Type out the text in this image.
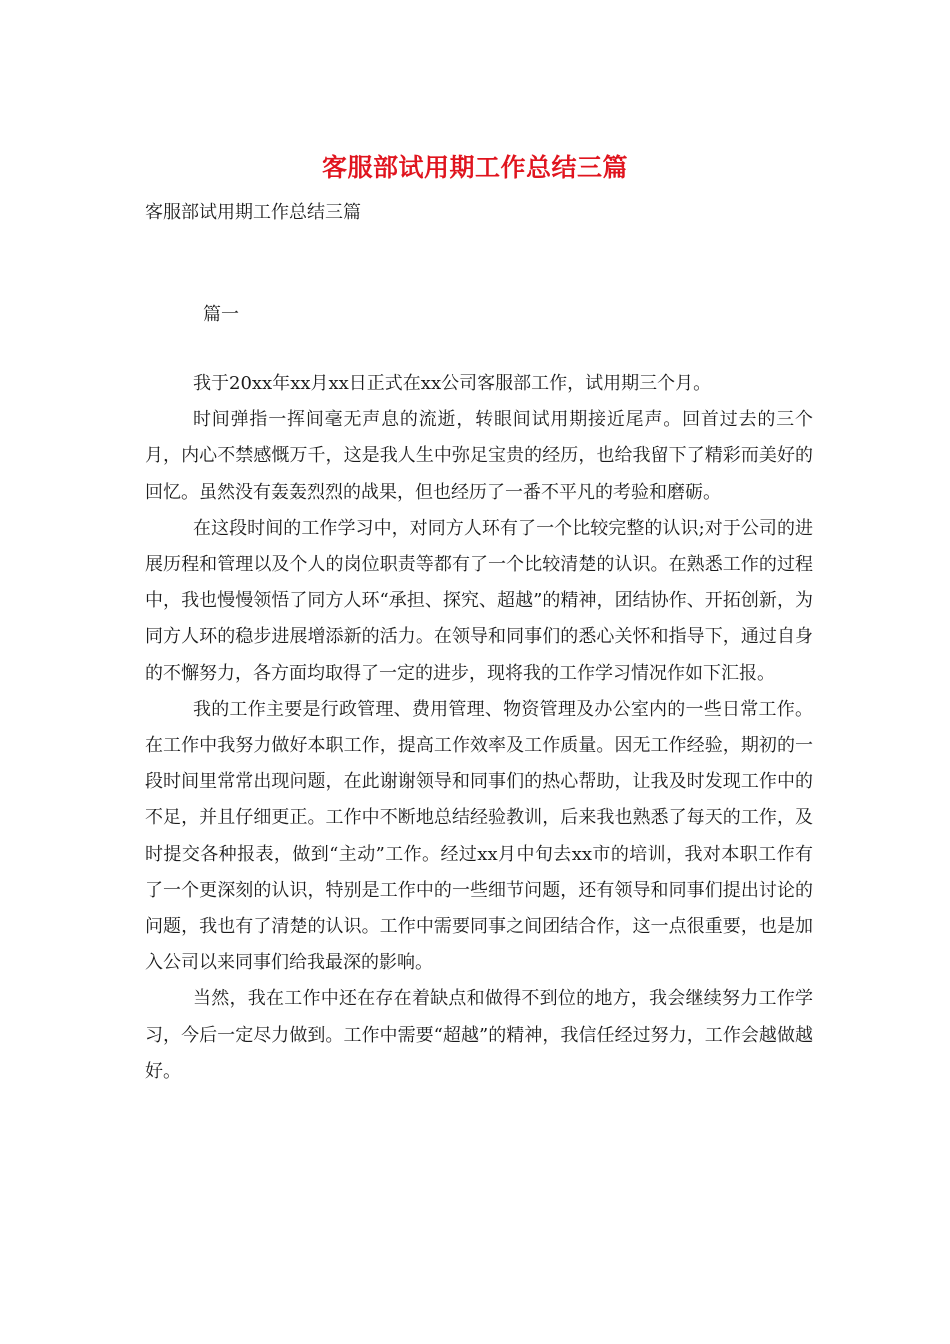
客服部试用期工作总结三篇
客服部试用期工作总结三篇
篇一

我于20xx年xx月xx日正式在xx公司客服部工作，试用期三个月。

时间弹指一挥间毫无声息的流逝，转眼间试用期接近尾声。回首过去的三个月，内心不禁感慨万千，这是我人生中弥足宝贵的经历，也给我留下了精彩而美好的回忆。虽然没有轰轰烈烈的战果，但也经历了一番不平凡的考验和磨砺。

在这段时间的工作学习中，对同方人环有了一个比较完整的认识;对于公司的进展历程和管理以及个人的岗位职责等都有了一个比较清楚的认识。在熟悉工作的过程中，我也慢慢领悟了同方人环“承担、探究、超越”的精神，团结协作、开拓创新，为同方人环的稳步进展增添新的活力。在领导和同事们的悉心关怀和指导下，通过自身的不懈努力，各方面均取得了一定的进步，现将我的工作学习情况作如下汇报。

我的工作主要是行政管理、费用管理、物资管理及办公室内的一些日常工作。在工作中我努力做好本职工作，提高工作效率及工作质量。因无工作经验，期初的一段时间里常常出现问题，在此谢谢领导和同事们的热心帮助，让我及时发现工作中的不足，并且仔细更正。工作中不断地总结经验教训，后来我也熟悉了每天的工作，及时提交各种报表，做到“主动”工作。经过xx月中旬去xx市的培训，我对本职工作有了一个更深刻的认识，特别是工作中的一些细节问题，还有领导和同事们提出讨论的问题，我也有了清楚的认识。工作中需要同事之间团结合作，这一点很重要，也是加入公司以来同事们给我最深的影响。

当然，我在工作中还在存在着缺点和做得不到位的地方，我会继续努力工作学习，今后一定尽力做到。工作中需要“超越”的精神，我信任经过努力，工作会越做越好。
